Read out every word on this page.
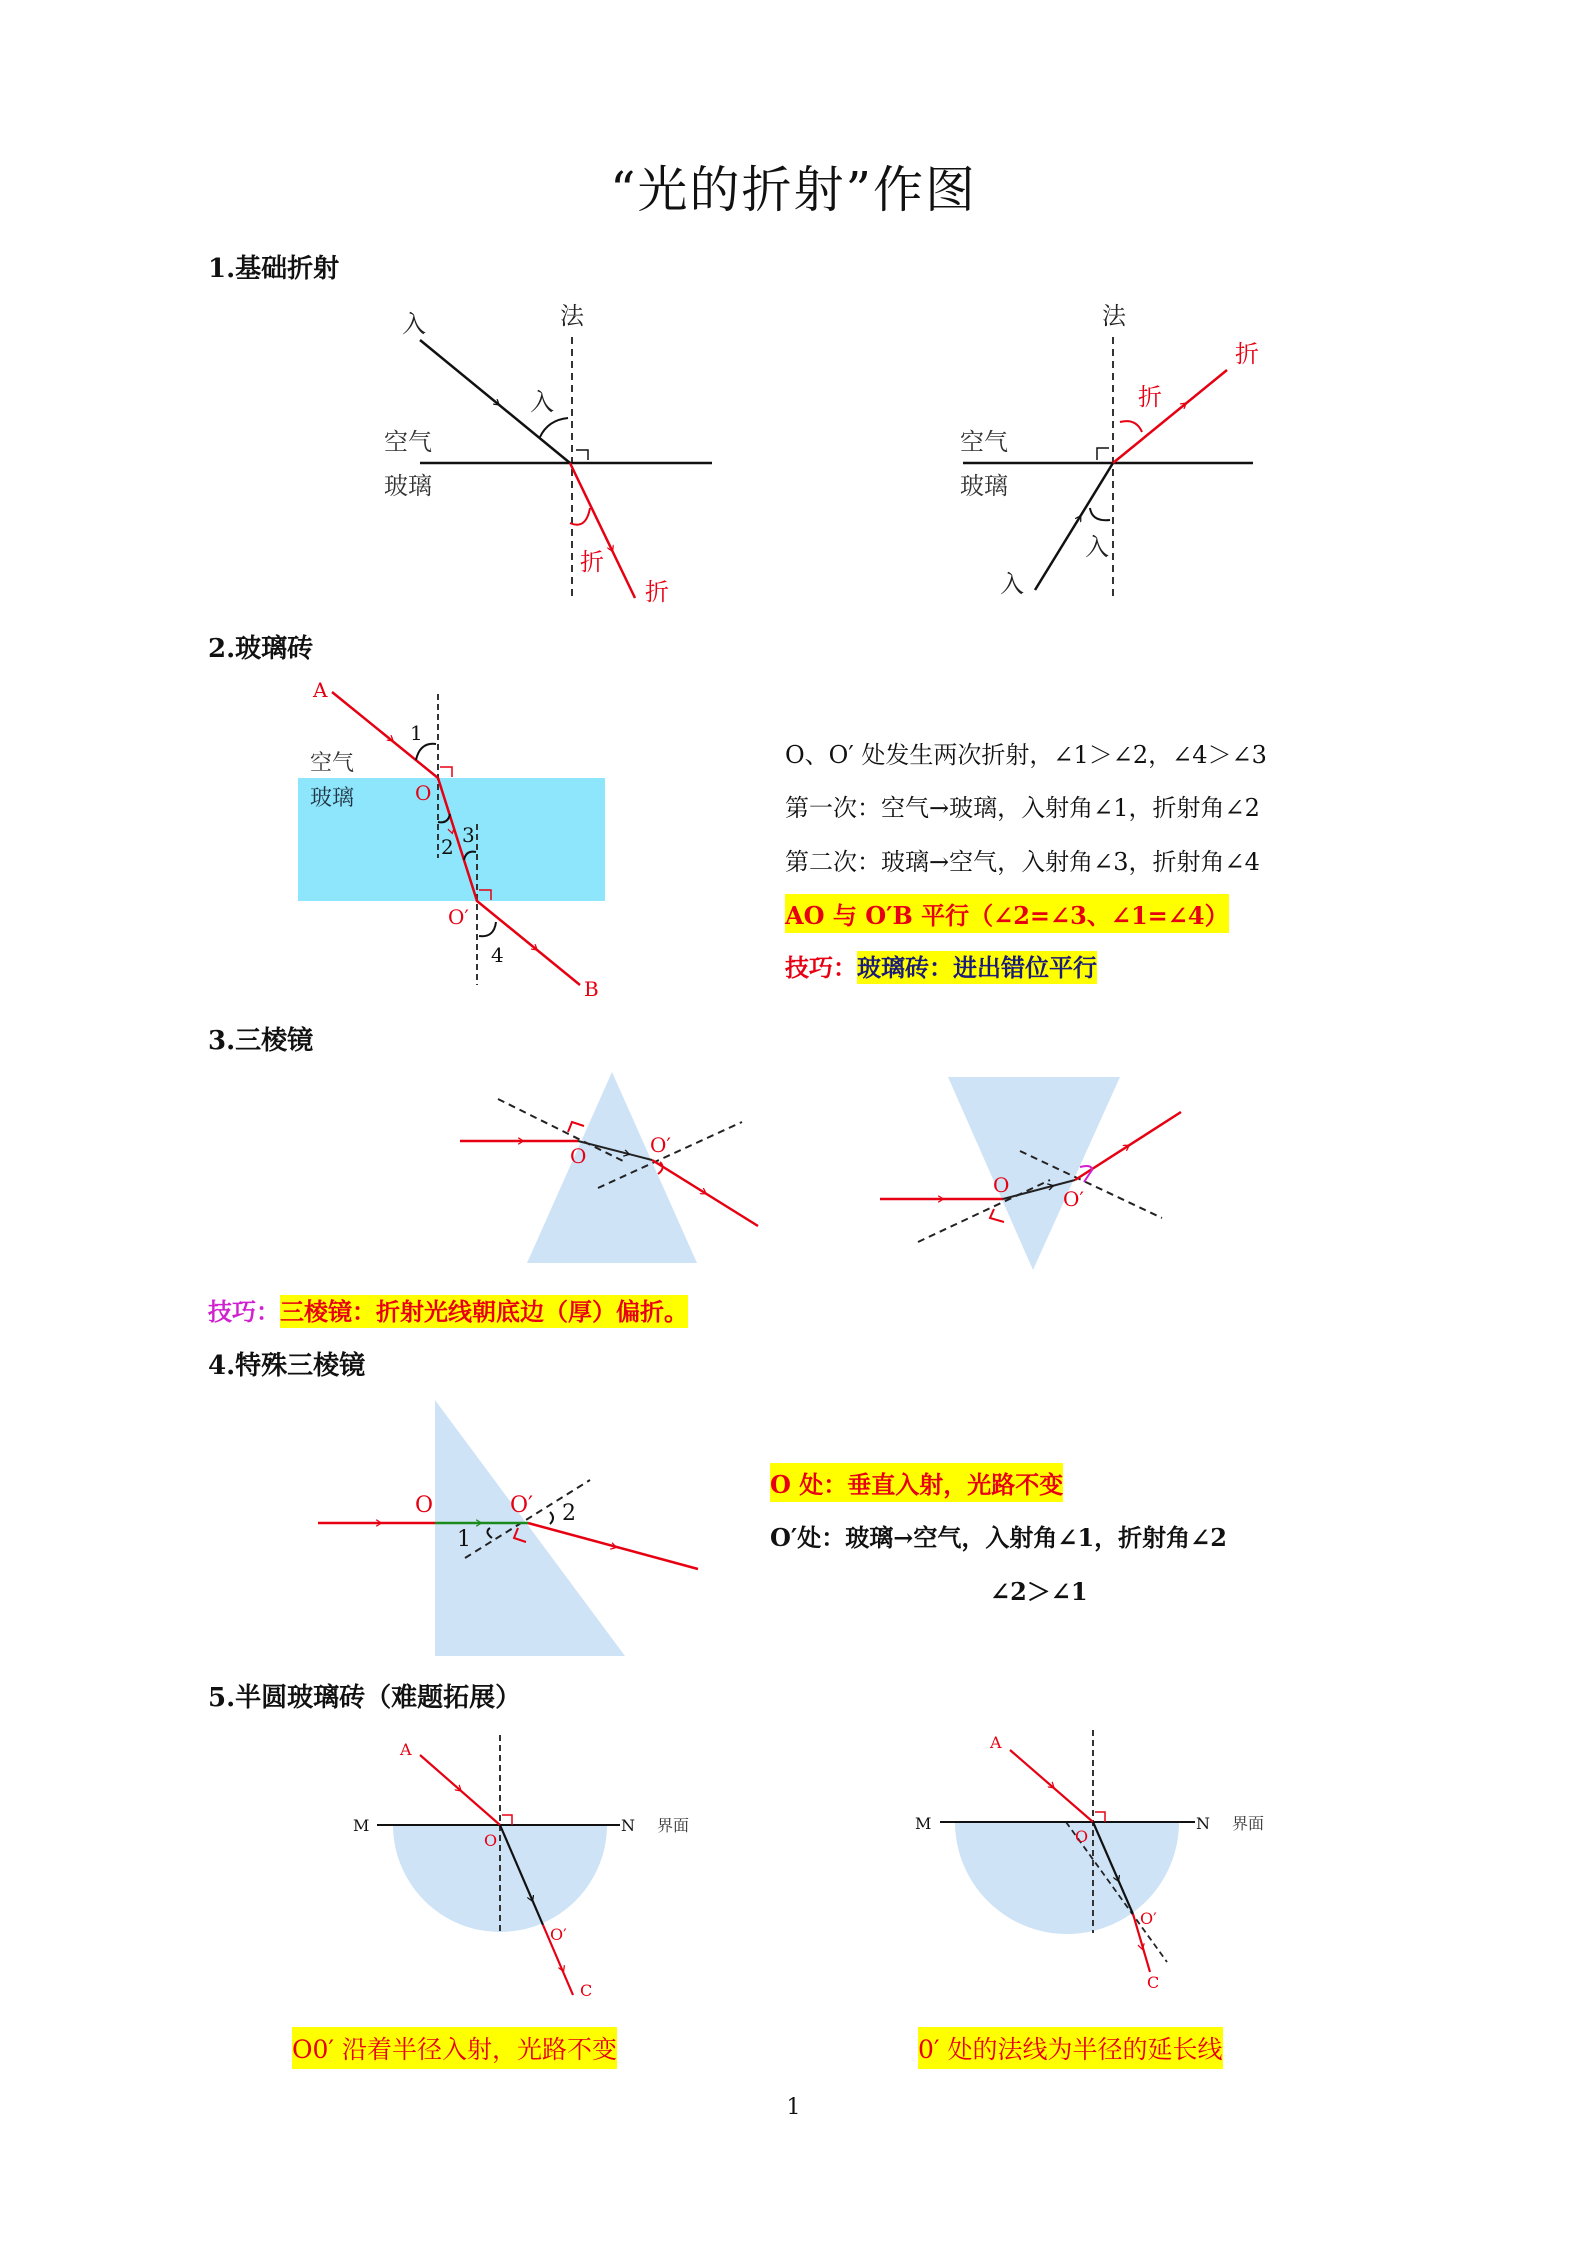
“光的折射”作图
1.基础折射
入	法
入
空气
玻璃
折
折
法
折
折
空气
玻璃
入
入
2.玻璃砖
A
1
空气
玻璃	O
2 3
O′
4
B
O、O′ 处发生两次折射，∠1＞∠2，∠4＞∠3
第一次：空气→玻璃，入射角∠1，折射角∠2
第二次：玻璃→空气，入射角∠3，折射角∠4
AO 与 O′B 平行（∠2=∠3、∠1=∠4）
技巧：玻璃砖：进出错位平行
3.三棱镜
O	O′
O
O′
技巧：三棱镜：折射光线朝底边（厚）偏折。
4.特殊三棱镜
O	O′
1
2
O 处：垂直入射，光路不变
O′处：玻璃→空气，入射角∠1，折射角∠2
∠2＞∠1
5.半圆玻璃砖（难题拓展）
A
M	N 界面
O
O′
C
A
M	N 界面
O
O′
C
O0′ 沿着半径入射，光路不变	0′ 处的法线为半径的延长线
1
